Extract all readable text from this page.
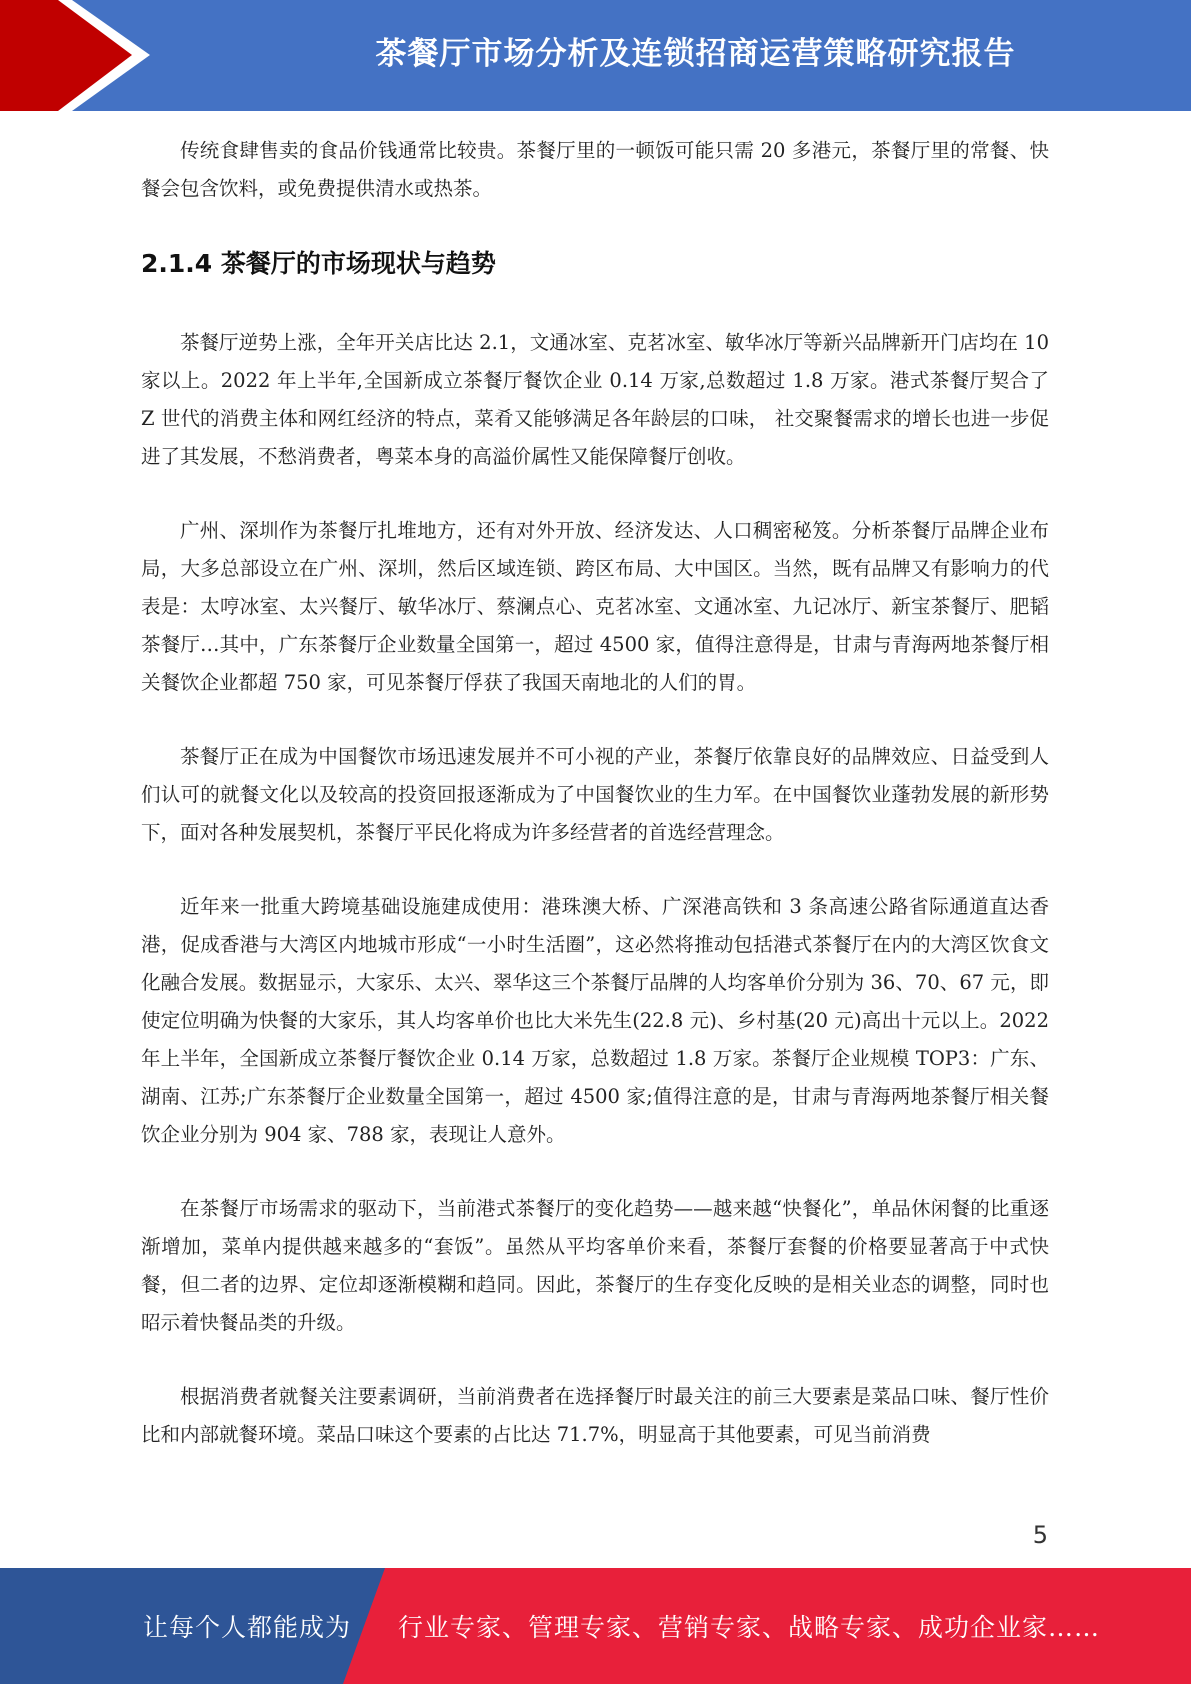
茶餐厅市场分析及连锁招商运营策略研究报告

传统食肆售卖的食品价钱通常比较贵。茶餐厅里的一顿饭可能只需 20 多港元，茶餐厅里的常餐、快餐会包含饮料，或免费提供清水或热茶。

2.1.4 茶餐厅的市场现状与趋势

茶餐厅逆势上涨，全年开关店比达 2.1，文通冰室、克茗冰室、敏华冰厅等新兴品牌新开门店均在 10 家以上。2022 年上半年,全国新成立茶餐厅餐饮企业 0.14 万家,总数超过 1.8 万家。港式茶餐厅契合了 Z 世代的消费主体和网红经济的特点，菜肴又能够满足各年龄层的口味， 社交聚餐需求的增长也进一步促进了其发展，不愁消费者，粤菜本身的高溢价属性又能保障餐厅创收。

广州、深圳作为茶餐厅扎堆地方，还有对外开放、经济发达、人口稠密秘笈。分析茶餐厅品牌企业布局，大多总部设立在广州、深圳，然后区域连锁、跨区布局、大中国区。当然，既有品牌又有影响力的代表是：太哼冰室、太兴餐厅、敏华冰厅、蔡澜点心、克茗冰室、文通冰室、九记冰厅、新宝茶餐厅、肥韬茶餐厅…其中，广东茶餐厅企业数量全国第一，超过 4500 家，值得注意得是，甘肃与青海两地茶餐厅相关餐饮企业都超 750 家，可见茶餐厅俘获了我国天南地北的人们的胃。

茶餐厅正在成为中国餐饮市场迅速发展并不可小视的产业，茶餐厅依靠良好的品牌效应、日益受到人们认可的就餐文化以及较高的投资回报逐渐成为了中国餐饮业的生力军。在中国餐饮业蓬勃发展的新形势下，面对各种发展契机，茶餐厅平民化将成为许多经营者的首选经营理念。

近年来一批重大跨境基础设施建成使用：港珠澳大桥、广深港高铁和 3 条高速公路省际通道直达香港，促成香港与大湾区内地城市形成“一小时生活圈”，这必然将推动包括港式茶餐厅在内的大湾区饮食文化融合发展。数据显示，大家乐、太兴、翠华这三个茶餐厅品牌的人均客单价分别为 36、70、67 元，即使定位明确为快餐的大家乐，其人均客单价也比大米先生(22.8 元)、乡村基(20 元)高出十元以上。2022 年上半年，全国新成立茶餐厅餐饮企业 0.14 万家，总数超过 1.8 万家。茶餐厅企业规模 TOP3：广东、湖南、江苏;广东茶餐厅企业数量全国第一，超过 4500 家;值得注意的是，甘肃与青海两地茶餐厅相关餐饮企业分别为 904 家、788 家，表现让人意外。

在茶餐厅市场需求的驱动下，当前港式茶餐厅的变化趋势——越来越“快餐化”，单品休闲餐的比重逐渐增加，菜单内提供越来越多的“套饭”。虽然从平均客单价来看，茶餐厅套餐的价格要显著高于中式快餐，但二者的边界、定位却逐渐模糊和趋同。因此，茶餐厅的生存变化反映的是相关业态的调整，同时也昭示着快餐品类的升级。

根据消费者就餐关注要素调研，当前消费者在选择餐厅时最关注的前三大要素是菜品口味、餐厅性价比和内部就餐环境。菜品口味这个要素的占比达 71.7%，明显高于其他要素，可见当前消费

5
让每个人都能成为 行业专家、管理专家、营销专家、战略专家、成功企业家……
